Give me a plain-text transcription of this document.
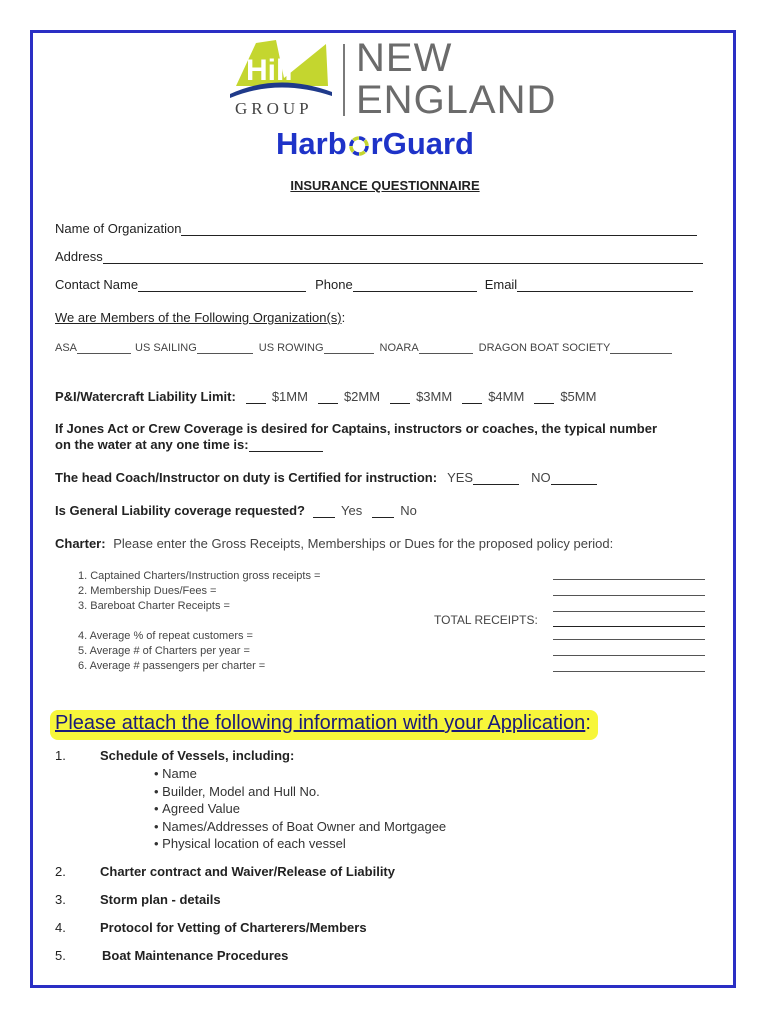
Hill
GROUP
NEW
ENGLAND
Harb rGuard
INSURANCE QUESTIONNAIRE
Name of Organization
Address
Contact Name	Phone	Email
We are Members of the Following Organization(s):
ASA	US SAILING	US ROWING	NOARA	DRAGON BOAT SOCIETY
P&I/Watercraft Liability Limit:	$1MM	$2MM	$3MM	$4MM	$5MM
If Jones Act or Crew Coverage is desired for Captains, instructors or coaches, the typical number
on the water at any one time is:
The head Coach/Instructor on duty is Certified for instruction : YES	NO
Is General Liability coverage requested?	Yes	No
Charter: Please enter the Gross Receipts, Memberships or Dues for the proposed policy period:
1. Captained Charters/Instruction gross receipts =
2. Membership Dues/Fees =
3. Bareboat Charter Receipts =
TOTAL RECEIPTS:
4. Average % of repeat customers =
5. Average # of Charters per year =
6. Average # passengers per charter =
Please attach the following information with your Application:
1.	Schedule of Vessels, including:
• Name
• Builder, Model and Hull No.
• Agreed Value
• Names/Addresses of Boat Owner and Mortgagee
• Physical location of each vessel
2.	Charter contract and Waiver/Release of Liability
3.	Storm plan - details
4.	Protocol for Vetting of Charterers/Members
5.	Boat Maintenance Procedures
